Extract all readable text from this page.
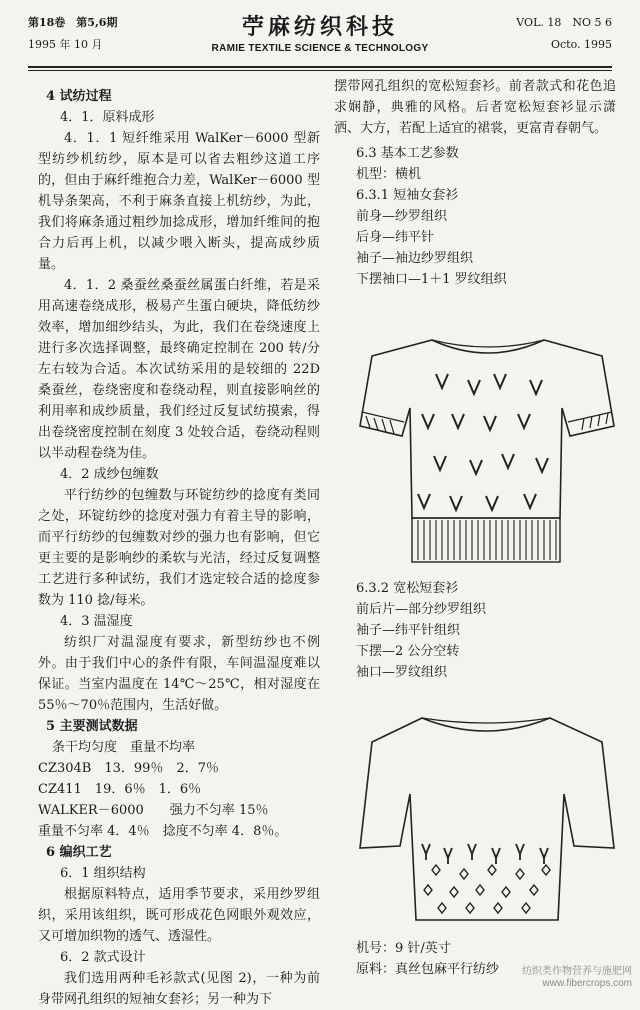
第18卷　第5,6期
1995 年 10 月
苧麻纺织科技
RAMIE TEXTILE SCIENCE & TECHNOLOGY
VOL. 18　NO 5 6
Octo. 1995

4 试纺过程

4．1．原料成形

4．1．1 短纤维采用 WalKer－6000 型新型纺纱机纺纱，原本是可以省去粗纱这道工序的，但由于麻纤维抱合力差，WalKer－6000 型机导条架高，不利于麻条直接上机纺纱，为此，我们将麻条通过粗纱加捻成形，增加纤维间的抱合力后再上机，以减少喂入断头，提高成纱质量。

4．1．2 桑蚕丝桑蚕丝属蛋白纤维，若是采用高速卷绕成形，极易产生蛋白硬块，降低纺纱效率，增加细纱结头，为此，我们在卷绕速度上进行多次选择调整，最终确定控制在 200 转/分左右较为合适。本次试纺采用的是较细的 22D 桑蚕丝，卷绕密度和卷绕动程，则直接影响丝的利用率和成纱质量，我们经过反复试纺摸索，得出卷绕密度控制在刻度 3 处较合适，卷绕动程则以半动程卷绕为佳。

4．2 成纱包缠数

平行纺纱的包缠数与环锭纺纱的捻度有类同之处，环锭纺纱的捻度对强力有着主导的影响，而平行纺纱的包缠数对纱的强力也有影响，但它更主要的是影响纱的柔软与光洁，经过反复调整工艺进行多种试纺，我们才选定较合适的捻度参数为 110 捻/每米。

4．3 温湿度

纺织厂对温湿度有要求，新型纺纱也不例外。由于我们中心的条件有限，车间温湿度难以保证。当室内温度在 14℃～25℃，相对湿度在 55％～70％范围内，生活好做。

5 主要测试数据

条干均匀度　重量不均率

CZ304B　13．99％　2．7％

CZ411　19．6％　1．6％

WALKER－6000　　强力不匀率 15％

重量不匀率 4．4％　捻度不匀率 4．8％。

6 编织工艺

6．1 组织结构

根据原料特点，适用季节要求，采用纱罗组织，采用该组织，既可形成花色网眼外观效应，又可增加织物的透气、透湿性。

6．2 款式设计

我们选用两种毛衫款式(见图 2)，一种为前身带网孔组织的短袖女套衫；另一种为下

摆带网孔组织的宽松短套衫。前者款式和花色追求娴静，典雅的风格。后者宽松短套衫显示潇洒、大方，若配上适宜的裙裳，更富青春朝气。

6.3 基本工艺参数

机型：横机

6.3.1 短袖女套衫

前身—纱罗组织

后身—纬平针

袖子—袖边纱罗组织

下摆袖口—1＋1 罗纹组织

6.3.2 宽松短套衫

前后片—部分纱罗组织

袖子—纬平针组织

下摆—2 公分空转

袖口—罗纹组织

机号：9 针/英寸

原料：真丝包麻平行纺纱	纺织类作物营养与施肥网
www.fibercrops.com
